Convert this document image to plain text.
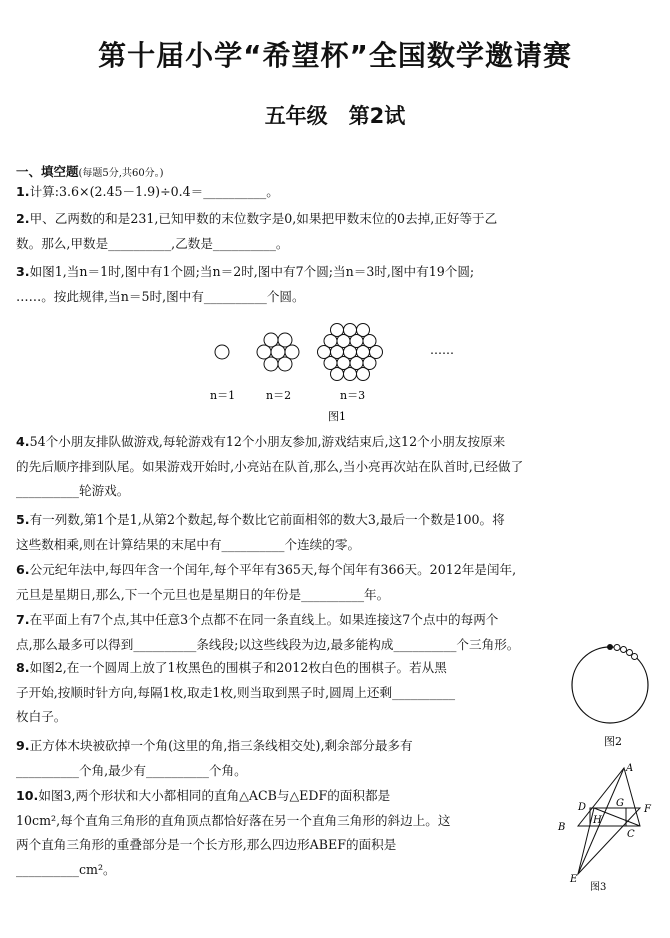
第十届小学“希望杯”全国数学邀请赛
五年级　第2试
一、填空题(每题5分,共60分。)
1.计算:3.6×(2.45－1.9)÷0.4＝__________。
2.甲、乙两数的和是231,已知甲数的末位数字是0,如果把甲数末位的0去掉,正好等于乙
数。那么,甲数是__________,乙数是__________。
3.如图1,当n＝1时,图中有1个圆;当n＝2时,图中有7个圆;当n＝3时,图中有19个圆;
……。按此规律,当n＝5时,图中有__________个圆。
……
n＝1	n＝2	n＝3
图1
4.54个小朋友排队做游戏,每轮游戏有12个小朋友参加,游戏结束后,这12个小朋友按原来
的先后顺序排到队尾。如果游戏开始时,小亮站在队首,那么,当小亮再次站在队首时,已经做了
__________轮游戏。
5.有一列数,第1个是1,从第2个数起,每个数比它前面相邻的数大3,最后一个数是100。将
这些数相乘,则在计算结果的末尾中有__________个连续的零。
6.公元纪年法中,每四年含一个闰年,每个平年有365天,每个闰年有366天。2012年是闰年,
元旦是星期日,那么,下一个元旦也是星期日的年份是__________年。
7.在平面上有7个点,其中任意3个点都不在同一条直线上。如果连接这7个点中的每两个
点,那么最多可以得到__________条线段;以这些线段为边,最多能构成__________个三角形。
8.如图2,在一个圆周上放了1枚黑色的围棋子和2012枚白色的围棋子。若从黑
子开始,按顺时针方向,每隔1枚,取走1枚,则当取到黑子时,圆周上还剩__________
枚白子。
图2
9.正方体木块被砍掉一个角(这里的角,指三条线相交处),剩余部分最多有
__________个角,最少有__________个角。
10.如图3,两个形状和大小都相同的直角△ACB与△EDF的面积都是
10cm²,每个直角三角形的直角顶点都恰好落在另一个直角三角形的斜边上。这
两个直角三角形的重叠部分是一个长方形,那么四边形ABEF的面积是
__________cm²。
A
B
C
D
E
F
G
H
图3
